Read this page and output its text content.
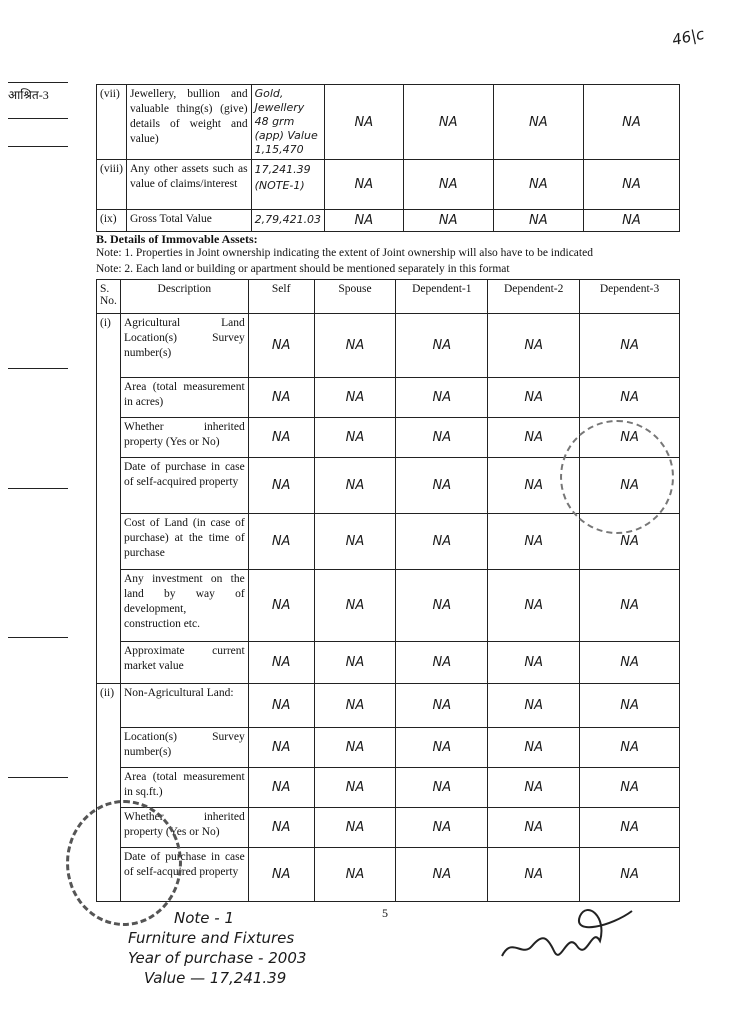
46|c
आश्रित-3	(vii)	Jewellery, bullion and valuable thing(s) (give) details of weight and value)	Gold, Jewellery 48 grm (app) Value 1,15,470	NA	NA	NA	NA
(viii)	Any other assets such as value of claims/interest	17,241.39 (NOTE-1)	NA	NA	NA	NA
(ix)	Gross Total Value	2,79,421.03	NA	NA	NA	NA
B. Details of Immovable Assets:
Note: 1. Properties in Joint ownership indicating the extent of Joint ownership will also have to be indicated
Note: 2. Each land or building or apartment should be mentioned separately in this format
S. No.	Description	Self	Spouse	Dependent-1	Dependent-2	Dependent-3
(i)	Agricultural Land Location(s) Survey number(s)	NA	NA	NA	NA	NA
	Area (total measurement in acres)	NA	NA	NA	NA	NA
	Whether inherited property (Yes or No)	NA	NA	NA	NA	NA
	Date of purchase in case of self-acquired property	NA	NA	NA	NA	NA
	Cost of Land (in case of purchase) at the time of purchase	NA	NA	NA	NA	NA
	Any investment on the land by way of development, construction etc.	NA	NA	NA	NA	NA
	Approximate current market value	NA	NA	NA	NA	NA
(ii)	Non-Agricultural Land:	NA	NA	NA	NA	NA
	Location(s) Survey number(s)	NA	NA	NA	NA	NA
	Area (total measurement in sq.ft.)	NA	NA	NA	NA	NA
	Whether inherited property (Yes or No)	NA	NA	NA	NA	NA
	Date of purchase in case of self-acquired property	NA	NA	NA	NA	NA
5
Note - 1
Furniture and Fixtures
Year of purchase - 2003
Value — 17,241.39
